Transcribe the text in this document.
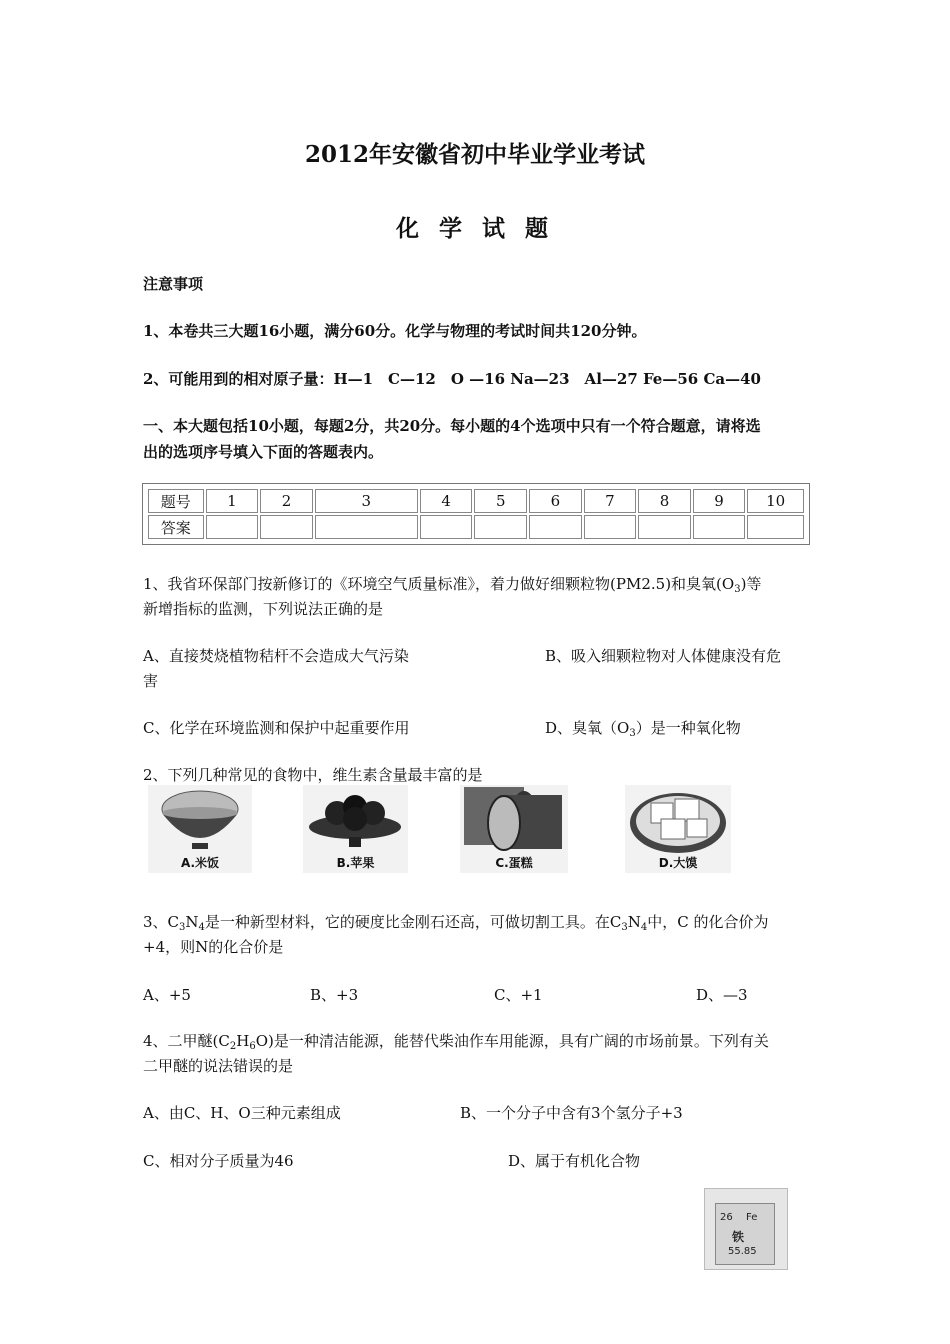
2012年安徽省初中毕业学业考试
化 学 试 题
注意事项
1、本卷共三大题16小题，满分60分。化学与物理的考试时间共120分钟。
2、可能用到的相对原子量：H—1　C—12　O —16 Na—23　Al—27 Fe—56 Ca—40
一、本大题包括10小题，每题2分，共20分。每小题的4个选项中只有一个符合题意，请将选
出的选项序号填入下面的答题表内。
题号	1	2	3	4	5	6	7	8	9	10
答案										
1、我省环保部门按新修订的《环境空气质量标准》，着力做好细颗粒物(PM2.5)和臭氧$(O_3)$等
新增指标的监测，下列说法正确的是
A、直接焚烧植物秸杆不会造成大气污染	B、吸入细颗粒物对人体健康没有危
害
C、化学在环境监测和保护中起重要作用	D、臭氧$(O_3)$是一种氧化物
2、下列几种常见的食物中，维生素含量最丰富的是
A.米饭	B.苹果	C.蛋糕	D.大馍
3、$C_3N_4$是一种新型材料，它的硬度比金刚石还高，可做切割工具。在$C_3N_4$中，C 的化合价为
+4，则N的化合价是
A、+5	B、+3	C、+1	D、—3
4、二甲醚$(C_2H_6O)$是一种清洁能源，能替代柴油作车用能源，具有广阔的市场前景。下列有关
二甲醚的说法错误的是
A、由C、H、O三种元素组成	B、一个分子中含有3个氢分子+3
C、相对分子质量为46	D、属于有机化合物
26 Fe
铁
55.85
